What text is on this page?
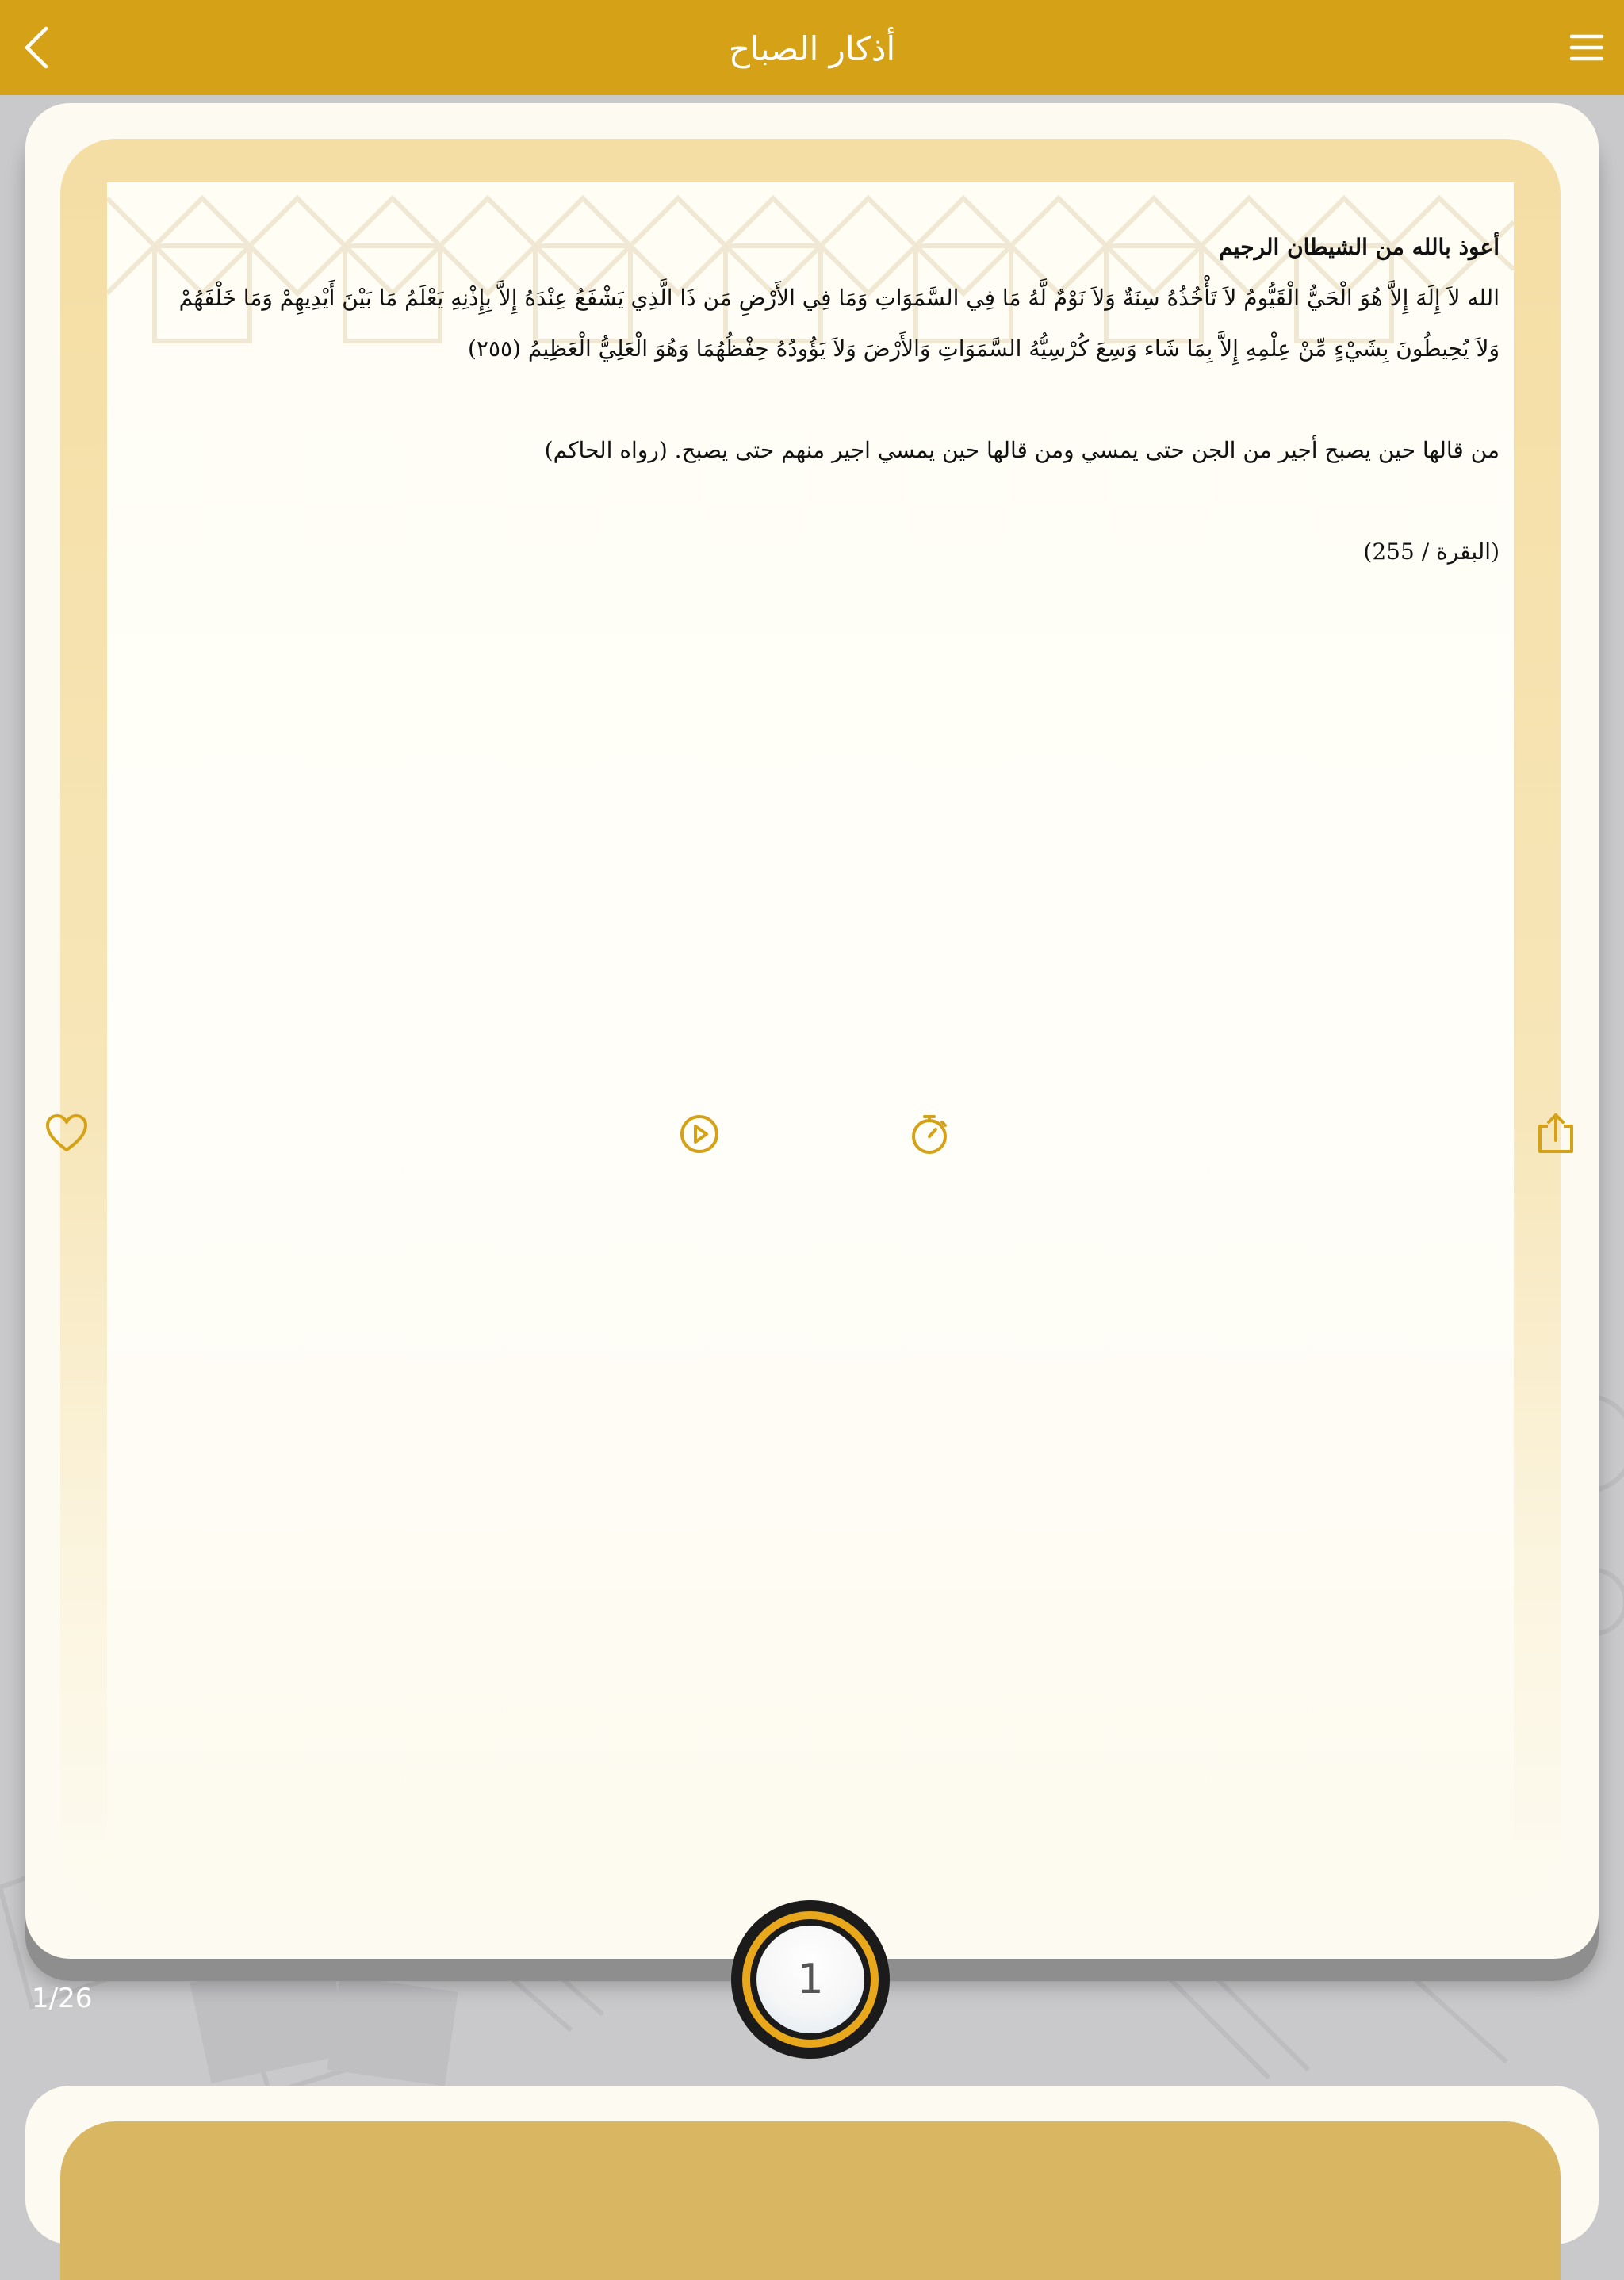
أذكار الصباح
أعوذ بالله من الشيطان الرجيم
الله لاَ إِلَهَ إِلاَّ هُوَ الْحَيُّ الْقَيُّومُ لاَ تَأْخُذُهُ سِنَةٌ وَلاَ نَوْمٌ لَّهُ مَا فِي السَّمَوَاتِ وَمَا فِي الأَرْضِ مَن ذَا الَّذِي يَشْفَعُ عِنْدَهُ إِلاَّ بِإِذْنِهِ يَعْلَمُ مَا بَيْنَ أَيْدِيهِمْ وَمَا خَلْفَهُمْ وَلاَ يُحِيطُونَ بِشَيْءٍ مِّنْ عِلْمِهِ إِلاَّ بِمَا شَاء وَسِعَ كُرْسِيُّهُ السَّمَوَاتِ وَالأَرْضَ وَلاَ يَؤُودُهُ حِفْظُهُمَا وَهُوَ الْعَلِيُّ الْعَظِيمُ (٢٥٥)
من قالها حين يصبح أجير من الجن حتى يمسي ومن قالها حين يمسي اجير منهم حتى يصبح. (رواه الحاكم)
(البقرة / 255)
1/26	1
